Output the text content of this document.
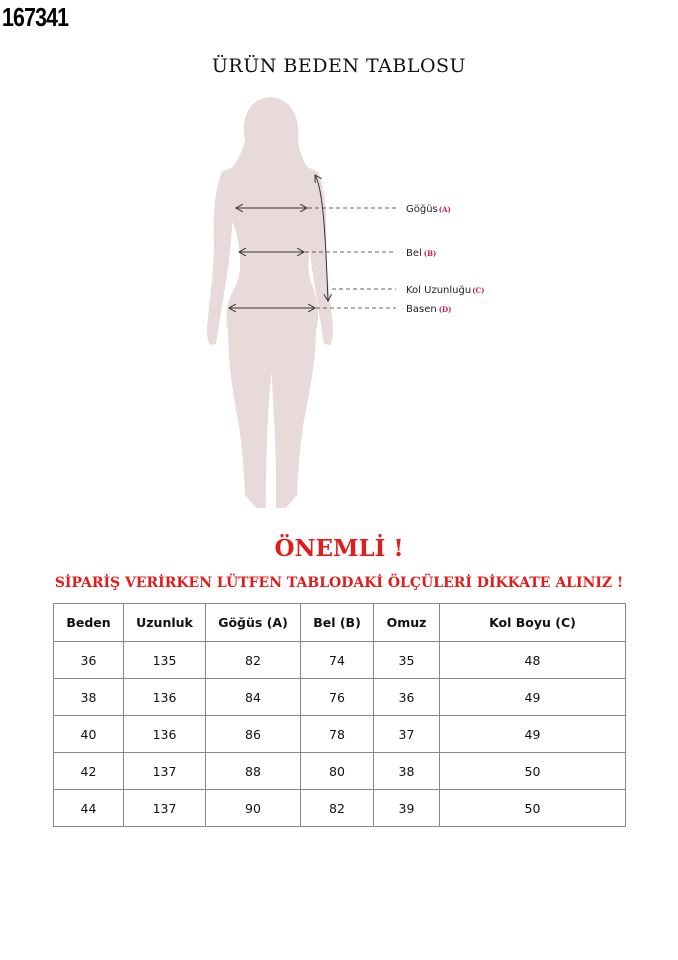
167341
ÜRÜN BEDEN TABLOSU
Göğüs(A)
Bel (B)
Kol Uzunluğu(C)
Basen (D)
ÖNEMLİ !
SİPARİŞ VERİRKEN LÜTFEN TABLODAKİ ÖLÇÜLERİ DİKKATE ALINIZ !
Beden	Uzunluk	Göğüs (A)	Bel (B)	Omuz	Kol Boyu (C)
36	135	82	74	35	48
38	136	84	76	36	49
40	136	86	78	37	49
42	137	88	80	38	50
44	137	90	82	39	50
